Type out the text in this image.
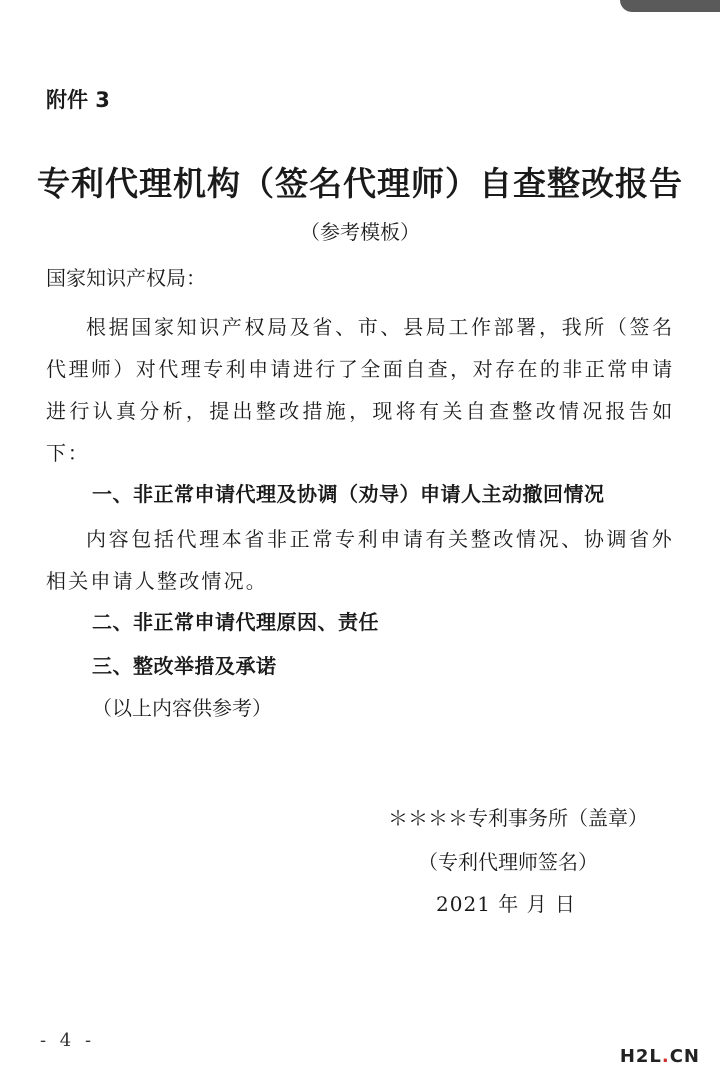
附件 3
专利代理机构（签名代理师）自查整改报告
（参考模板）
国家知识产权局：
根据国家知识产权局及省、市、县局工作部署，我所（签名代理师）对代理专利申请进行了全面自查，对存在的非正常申请进行认真分析，提出整改措施，现将有关自查整改情况报告如下：
一、非正常申请代理及协调（劝导）申请人主动撤回情况
内容包括代理本省非正常专利申请有关整改情况、协调省外相关申请人整改情况。
二、非正常申请代理原因、责任
三、整改举措及承诺
（以上内容供参考）
＊＊＊＊专利事务所（盖章）
（专利代理师签名）
2021 年 月 日
- 4 -
H2L.CN
